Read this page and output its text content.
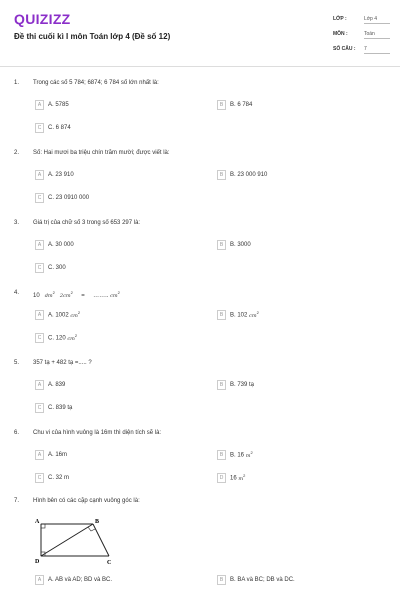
QUIZIZZ
Đề thi cuối kì I môn Toán lớp 4 (Đề số 12)
LỚP :	Lớp 4
MÔN :	Toán
SỐ CÂU : 7
1. Trong các số 5 784; 6874; 6 784 số lớn nhất là:
A A. 5785	B B. 6 784
C C. 6 874
2. Số: Hai mươi ba triệu chín trăm mười; được viết là:
A A. 23 910	B B. 23 000 910
C C. 23 0910 000
3. Giá trị của chữ số 3 trong số 653 297 là:
A A. 30 000	B B. 3000
C C. 300
4. 10 $dm^2$   $2cm^2$     = …….. $cm^2$
A A. 1002 $cm^2$	B B. 102 $cm^2$
C C. 120 $cm^2$
5. 357 tạ + 482 tạ =..... ?
A A. 839	B B. 739 tạ
C C. 839 tạ
6. Chu vi của hình vuông là 16m thì diện tích sẽ là:
A A. 16m	B B. 16 $m^2$
C C. 32 m	D 16 $m^2$
7. Hình bên có các cặp cạnh vuông góc là:
A	B
D	C
A A. AB và AD; BD và BC.	B B. BA và BC; DB và DC.
